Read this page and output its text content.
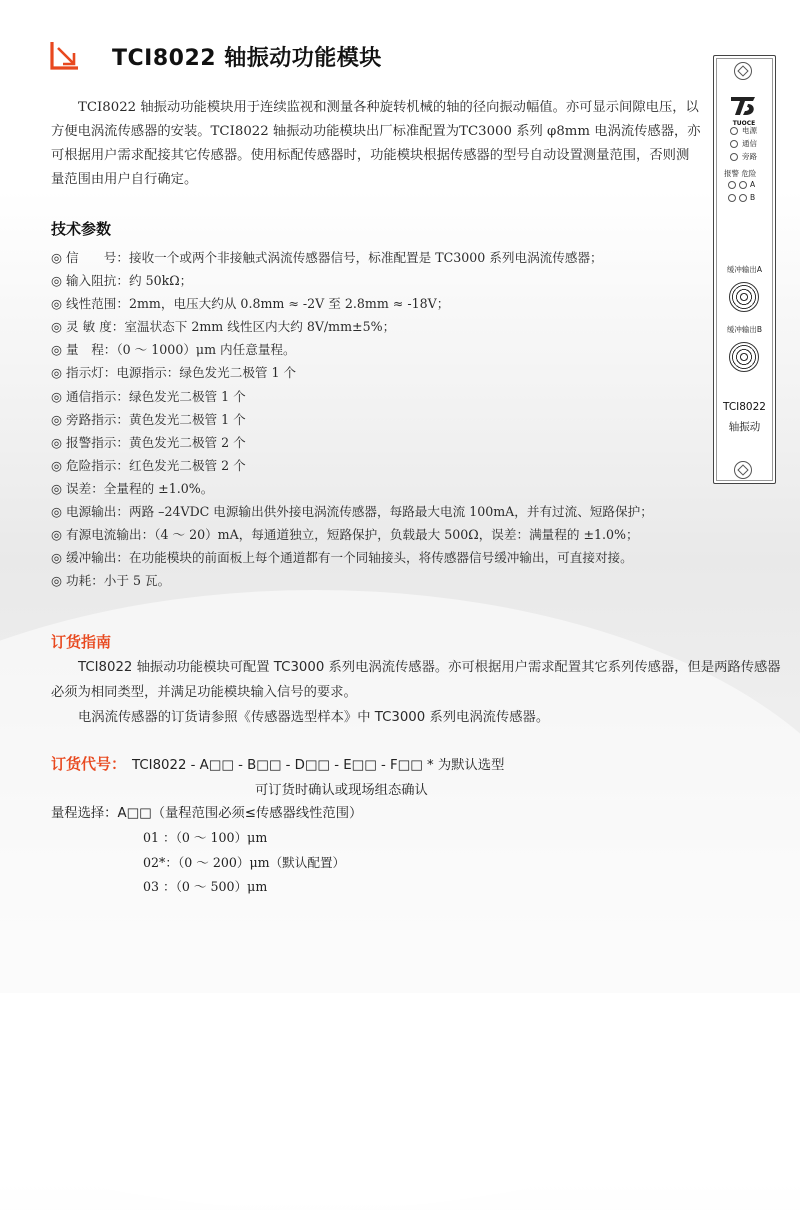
TCI8022 轴振动功能模块

TCI8022 轴振动功能模块用于连续监视和测量各种旋转机械的轴的径向振动幅值。亦可显示间隙电压，以方便电涡流传感器的安装。TCI8022 轴振动功能模块出厂标准配置为TC3000 系列 φ8mm 电涡流传感器，亦可根据用户需求配接其它传感器。使用标配传感器时，功能模块根据传感器的型号自动设置测量范围，否则测量范围由用户自行确定。

技术参数
◎ 信　　号：接收一个或两个非接触式涡流传感器信号，标准配置是 TC3000 系列电涡流传感器；
◎ 输入阻抗：约 50kΩ；
◎ 线性范围：2mm，电压大约从 0.8mm ≈ -2V 至 2.8mm ≈ -18V；
◎ 灵 敏 度：室温状态下 2mm 线性区内大约 8V/mm±5%；
◎ 量　程：（0 ～ 1000）μm 内任意量程。
◎ 指示灯：电源指示：绿色发光二极管 1 个
◎ 通信指示：绿色发光二极管 1 个
◎ 旁路指示：黄色发光二极管 1 个
◎ 报警指示：黄色发光二极管 2 个
◎ 危险指示：红色发光二极管 2 个
◎ 误差：全量程的 ±1.0%。
◎ 电源输出：两路 –24VDC 电源输出供外接电涡流传感器，每路最大电流 100mA，并有过流、短路保护；
◎ 有源电流输出：（4 ～ 20）mA，每通道独立，短路保护，负载最大 500Ω，误差：满量程的 ±1.0%；
◎ 缓冲输出：在功能模块的前面板上每个通道都有一个同轴接头，将传感器信号缓冲输出，可直接对接。
◎ 功耗：小于 5 瓦。
订货指南

TCI8022 轴振动功能模块可配置 TC3000 系列电涡流传感器。亦可根据用户需求配置其它系列传感器，但是两路传感器必须为相同类型，并满足功能模块输入信号的要求。

电涡流传感器的订货请参照《传感器选型样本》中 TC3000 系列电涡流传感器。

订货代号： TCI8022 - A□□ - B□□ - D□□ - E□□ - F□□ * 为默认选型
可订货时确认或现场组态确认
量程选择：A□□（量程范围必须≤传感器线性范围）
01 ：（0 ～ 100）μm
02*：（0 ～ 200）μm（默认配置）
03 ：（0 ～ 500）μm
TUOCE
电源
通信
旁路
报警 危险
A
B
缓冲输出A
缓冲输出B
TCI8022
轴振动
